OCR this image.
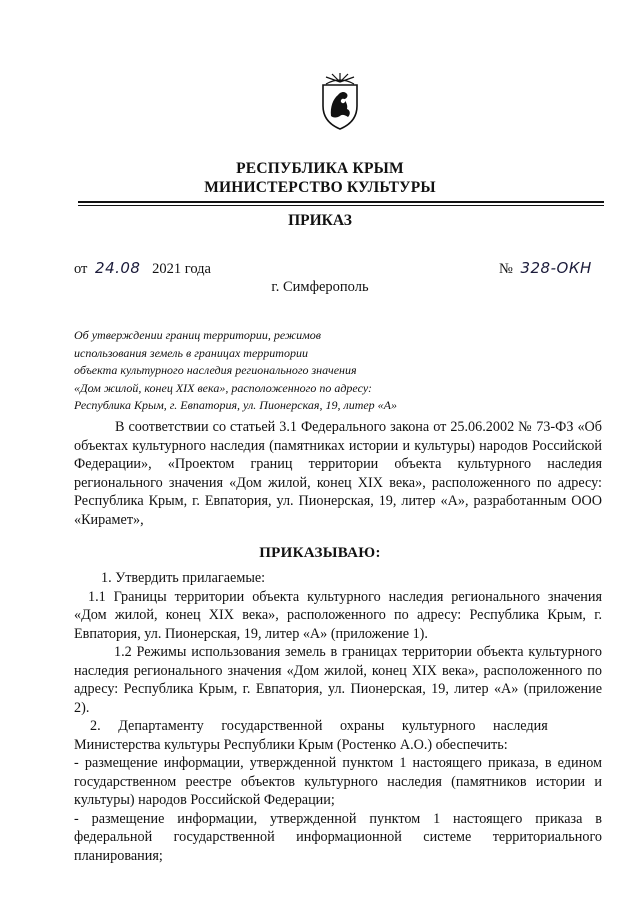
РЕСПУБЛИКА КРЫМ
МИНИСТЕРСТВО КУЛЬТУРЫ
ПРИКАЗ
от 24.08 2021 года	№ 328-ОКН
г. Симферополь
Об утверждении границ территории, режимов
использования земель в границах территории
объекта культурного наследия регионального значения
«Дом жилой, конец XIX века», расположенного по адресу:
Республика Крым, г. Евпатория, ул. Пионерская, 19, литер «А»
В соответствии со статьей 3.1 Федерального закона от 25.06.2002 № 73-ФЗ «Об объектах культурного наследия (памятниках истории и культуры) народов Российской Федерации», «Проектом границ территории объекта культурного наследия регионального значения «Дом жилой, конец XIX века», расположенного по адресу: Республика Крым, г. Евпатория, ул. Пионерская, 19, литер «А», разработанным ООО «Кирамет»,
ПРИКАЗЫВАЮ:

1. Утвердить прилагаемые:

1.1 Границы территории объекта культурного наследия регионального значения «Дом жилой, конец XIX века», расположенного по адресу: Республика Крым, г. Евпатория, ул. Пионерская, 19, литер «А» (приложение 1).

1.2 Режимы использования земель в границах территории объекта культурного наследия регионального значения «Дом жилой, конец XIX века», расположенного по адресу: Республика Крым, г. Евпатория, ул. Пионерская, 19, литер «А» (приложение 2).

2. Департаменту государственной охраны культурного наследия

Министерства культуры Республики Крым (Ростенко А.О.) обеспечить:

- размещение информации, утвержденной пунктом 1 настоящего приказа, в едином государственном реестре объектов культурного наследия (памятников истории и культуры) народов Российской Федерации;

- размещение информации, утвержденной пунктом 1 настоящего приказа в федеральной государственной информационной системе территориального планирования;
